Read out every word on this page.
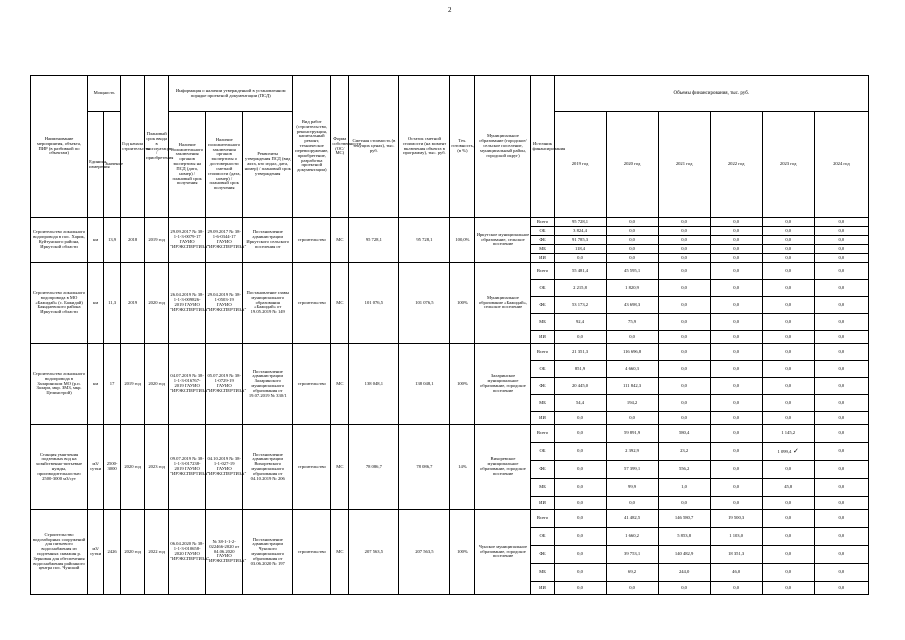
2
Наименование мероприятия, объекта, ПИР (в разбивкой по объектам)	Мощность		Год начала строительства	Плановый срок ввода в эксплуатацию / приобретения	Информация о наличии утвержденной в установленном порядке проектной документации (ПСД)			Вид работ (строительство, реконструкция, капитальный ремонт, техническое перевооружение, приобретение, разработка проектной документации)	Форма собственности (ОС/МС)	Сметная стоимость (в текущих ценах), тыс. руб.	Остаток сметной стоимости (на момент включения объекта в программу), тыс. руб.	Тех. готовность, (в %)	Муниципальное образование (городское/сельское поселение, муниципальный район, городской округ)	Источник финансирования	Объемы финансирования, тыс. руб.					
	Единица измерения	Значение			Наличие положительного заключения органов экспертизы на ПСД (дата, номер) / плановый срок получения	Наличие положительного заключения органов экспертизы о достоверности сметной стоимости (дата, номер) / плановый срок получения	Реквизиты утверждения ПСД (вид акта, кто издал, дата, номер) / плановый срок утверждения								2019 год	2020 год	2021 год	2022 год	2023 год	2024 год
Строительство локального водопровода в пос. Харик, Куйтунского района, Иркутской области	км	13,9	2018	2019 год	29.09.2017 № 38-1-1-3-0079-17 ГАУИО "ИРЭКСПЕРТИЗА"	29.09.2017 № 38-1-6-0344-17 ГАУИО "ИРЭКСПЕРТИЗА"	Постановление администрации Иркутского сельского поселения от	строительство	МС	95 728,1	95 728,1	100,0%	Иркутское муниципальное образование, сельское поселение	Всего	95 728,1	0,0	0,0	0,0	0,0	0,0
														ОБ	3 824,4	0,0	0,0	0,0	0,0	0,0
														ФБ	91 785,3	0,0	0,0	0,0	0,0	0,0
														МБ	118,4	0,0	0,0	0,0	0,0	0,0
														ИИ	0,0	0,0	0,0	0,0	0,0	0,0
Строительство локального водопровода в МО «Бажидай» (с. Бажидай) Баяндаевского района Иркутской области	км	11,3	2019	2020 год	26.04.2019 № 38-1-1-3-009826-2019 ГАУИО "ИРЭКСПЕРТИЗА"	29.04.2019 № 38-1-0503-19 ГАУИО "ИРЭКСПЕРТИЗА"	Постановление главы муниципального образования «Бажидай» от 19.05.2019 № 149	строительство	МС	101 076,5	101 076,5	100%	Муниципальное образование «Бажидай», сельское поселение	Всего	55 481,4	45 595,1	0,0	0,0	0,0	0,0
														ОБ	2 215,8	1 820,9	0,0	0,0	0,0	0,0
														ФБ	53 173,2	43 698,3	0,0	0,0	0,0	0,0
														МБ	92,4	75,9	0,0	0,0	0,0	0,0
														ИИ	0,0	0,0	0,0	0,0	0,0	0,0
Строительство локального водопровода в Заларинском МО (р.п. Залари, мкр. ЗМЗ, мкр. Целинстрой)	км	17	2019 год	2020 год	04.07.2019 № 38-1-1-3-016767-2019 ГАУИО "ИРЭКСПЕРТИЗА"	05.07.2019 № 38-1-0729-19 ГАУИО "ИРЭКСПЕРТИЗА"	Постановление администрации Заларинского муниципального образования от 19.07.2019 № 330/1	строительство	МС	138 048,1	138 048,1	100%	Заларинское муниципальное образование, городское поселение	Всего	21 351,3	116 696,8	0,0	0,0	0,0	0,0
														ОБ	851,9	4 660,3	0,0	0,0	0,0	0,0
														ФБ	20 445,0	111 842,3	0,0	0,0	0,0	0,0
														МБ	54,4	194,2	0,0	0,0	0,0	0,0
														ИИ	0,0	0,0	0,0	0,0	0,0	0,0
Станция умягчения подземных вод на хозяйственно-питьевые нужды, производительностью 2500-3000 м3/сут	м3/сутки	2500-3000	2020 год	2023 год	09.07.2019 № 38-1-1-3-017238-2019 ГАУИО "ИРЭКСПЕРТИЗА"	04.10.2019 № 38-1-1-027-19 ГАУИО "ИРЭКСПЕРТИЗА"	Постановление администрации Вихоревского муниципального образования от 04.10.2019 № 206	строительство	МС	78 086,7	78 086,7	14%	Вихоревское муниципальное образование, городское поселение	Всего	0,0	59 891,9	580,4	0,0	1 145,2	0,0
														ОБ	0,0	2 392,9	23,2	0,0	1 099,4 ✓	0,0
														ФБ	0,0	57 399,1	556,2	0,0	0,0	0,0
														МБ	0,0	99,9	1,0	0,0	45,8	0,0
														ИИ	0,0	0,0	0,0	0,0	0,0	0,0
Строительство водозаборных сооружений для питьевого водоснабжения из подземных скважин р. Зерновая для обеспечения водоснабжения районного центра пос. Чунский	м3/сутки	2426	2020 год	2022 год	06.04.2020 № 38-1-1-3-010658-2020 ГАУИО "ИРЭКСПЕРТИЗА"	№ 38-1-1-2-022466-2020 от 04.06.2020 ГАУИО "ИРЭКСПЕРТИЗА"	Постановление администрации Чунского муниципального образования от 03.06.2020 № 197	строительство	МС	207 563,5	207 563,5	100%	Чунское муниципальное образование, городское поселение	Всего	0,0	41 482,5	146 580,7	19 500,3	0,0	0,0
														ОБ	0,0	1 660,2	5 853,8	1 103,0	0,0	0,0
														ФБ	0,0	39 753,1	140 482,9	18 351,3	0,0	0,0
														МБ	0,0	69,2	244,0	46,0	0,0	0,0
														ИИ	0,0	0,0	0,0	0,0	0,0	0,0
